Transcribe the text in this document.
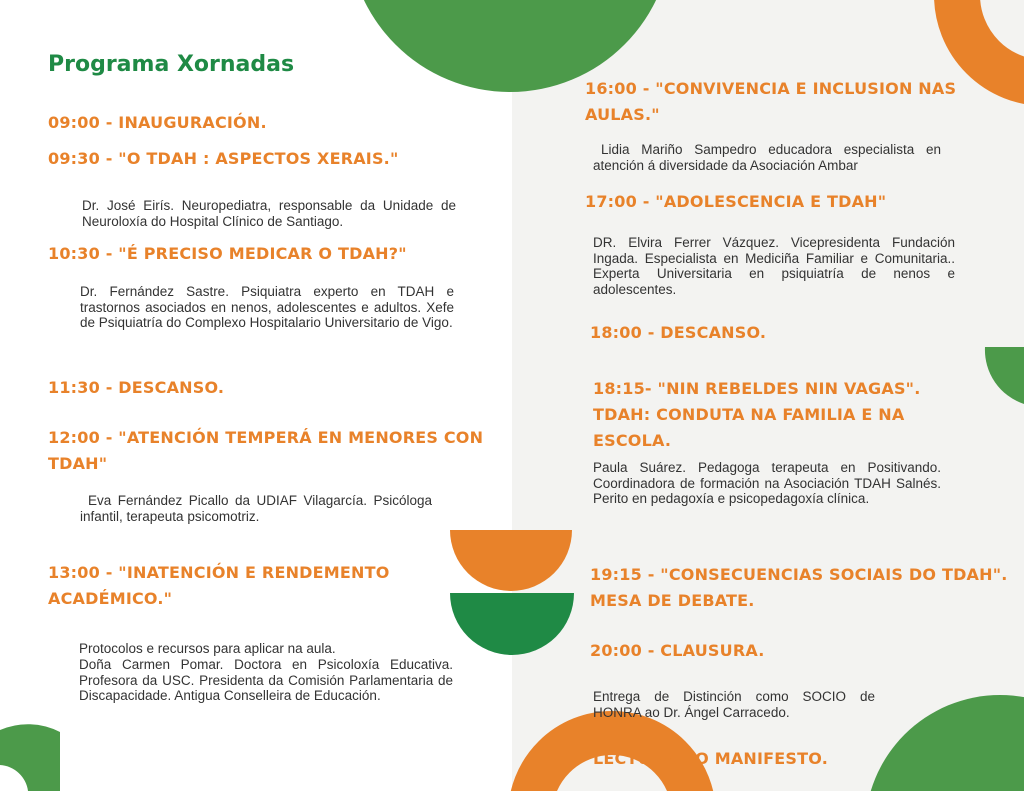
Programa Xornadas
09:00 - INAUGURACIÓN.
09:30 - "O TDAH : ASPECTOS XERAIS."
Dr. José Eirís. Neuropediatra, responsable da Unidade de Neuroloxía do Hospital Clínico de Santiago.
10:30 - "É PRECISO MEDICAR O TDAH?"
Dr. Fernández Sastre. Psiquiatra experto en TDAH e trastornos asociados en nenos, adolescentes e adultos. Xefe de Psiquiatría do Complexo Hospitalario Universitario de Vigo.
11:30 - DESCANSO.
12:00 - "ATENCIÓN TEMPERÁ EN MENORES CON TDAH"
Eva Fernández Picallo da UDIAF Vilagarcía. Psicóloga infantil, terapeuta psicomotriz.
13:00 - "INATENCIÓN E RENDEMENTO ACADÉMICO."
Protocolos e recursos para aplicar na aula.
Doña Carmen Pomar. Doctora en Psicoloxía Educativa. Profesora da USC. Presidenta da Comisión Parlamentaria de Discapacidade. Antigua Conselleira de Educación.
16:00 - "CONVIVENCIA E INCLUSION NAS AULAS."
Lidia Mariño Sampedro educadora especialista en atención á diversidade da Asociación Ambar
17:00 - "ADOLESCENCIA E TDAH"
DR. Elvira Ferrer Vázquez. Vicepresidenta Fundación Ingada. Especialista en Mediciña Familiar e Comunitaria.. Experta Universitaria en psiquiatría de nenos e adolescentes.
18:00 - DESCANSO.
18:15- "NIN REBELDES NIN VAGAS". TDAH: CONDUTA NA FAMILIA E NA ESCOLA.
Paula Suárez. Pedagoga terapeuta en Positivando. Coordinadora de formación na Asociación TDAH Salnés. Perito en pedagoxía e psicopedagoxía clínica.
19:15 - "CONSECUENCIAS SOCIAIS DO TDAH". MESA DE DEBATE.
20:00 - CLAUSURA.
Entrega de Distinción como SOCIO de HONRA ao Dr. Ángel Carracedo.
LECTURA DO MANIFESTO.
